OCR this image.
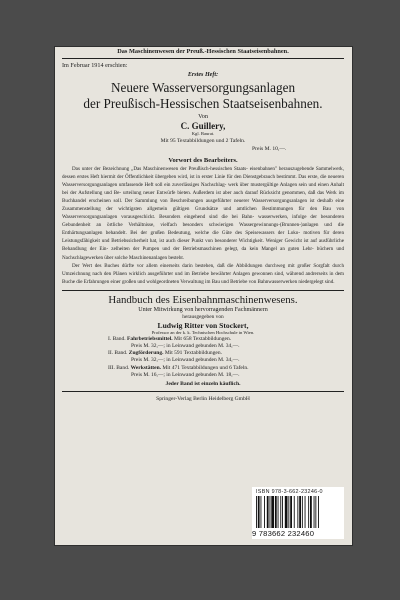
Das Maschinenwesen der Preuß.-Hessischen Staatseisenbahnen.
Im Februar 1914 erschien:
Erstes Heft:
Neuere Wasserversorgungsanlagen
der Preußisch-Hessischen Staatseisenbahnen.
Von
C. Guillery,
Kgl. Baurat.
Mit 95 Textabbildungen und 2 Tafeln.
Preis M. 10,—.
Vorwort des Bearbeiters.

Das unter der Bezeichnung „Das Maschinenwesen der Preußisch-hessischen Staats- eisenbahnen" herauszugebende Sammelwerk, dessen erstes Heft hiermit der Öffentlichkeit übergeben wird, ist in erster Linie für den Dienstgebrauch bestimmt. Das erste, die neueren Wasserversorgungsanlagen umfassende Heft soll ein zuverlässiges Nachschlag- werk über mustergültige Anlagen sein und einen Anhalt bei der Aufstellung und Be- urteilung neuer Entwürfe bieten. Außerdem ist aber auch darauf Rücksicht genommen, daß das Werk im Buchhandel erscheinen soll. Der Sammlung von Beschreibungen ausgeführter neuerer Wasserversorgungsanlagen ist deshalb eine Zusammenstellung der wichtigsten allgemein gültigen Grundsätze und amtlichen Bestimmungen für den Bau von Wasserversorgungsanlagen vorausgeschickt. Besonders eingehend sind die bei Bahn- wasserwerken, infolge der besonderen Gebundenheit an örtliche Verhältnisse, vielfach besonders schwierigen Wassergewinnungs-(Brunnen-)anlagen und die Enthärtungsanlagen behandelt. Bei der großen Bedeutung, welche die Güte des Speisewassers der Loko- motiven für deren Leistungsfähigkeit und Betriebssicherheit hat, ist auch dieser Punkt von besonderer Wichtigkeit. Weniger Gewicht ist auf ausführliche Behandlung der Ein- zelheiten der Pumpen und der Betriebsmaschinen gelegt, da kein Mangel an guten Lehr- büchern und Nachschlagewerken über solche Maschinenanlagen besteht.

Der Wert des Buches dürfte vor allem einerseits darin bestehen, daß die Abbildungen durchweg mit großer Sorgfalt durch Umzeichnung nach den Plänen wirklich ausgeführter und im Betriebe bewährter Anlagen gewonnen sind, während andrerseits in dem Buche die Erfahrungen einer großen und wohlgeordneten Verwaltung im Bau und Betriebe von Bahnwasserwerken niedergelegt sind.

Handbuch des Eisenbahnmaschinenwesens.
Unter Mitwirkung von hervorragenden Fachmännern
herausgegeben von
Ludwig Ritter von Stockert,
Professor an der k. k. Technischen Hochschule in Wien.
I. Band. Fahrbetriebsmittel. Mit 658 Textabbildungen.
Preis M. 32,—; in Leinwand gebunden M. 34,—.
II. Band. Zugförderung. Mit 591 Textabbildungen.
Preis M. 32,—; in Leinwand gebunden M. 34,—.
III. Band. Werkstätten. Mit 471 Textabbildungen und 6 Tafeln.
Preis M. 16,—; in Leinwand gebunden M. 18,—.
Jeder Band ist einzeln käuflich.
Springer-Verlag Berlin Heidelberg GmbH
ISBN 978-3-662-23246-0
9 783662 232460
